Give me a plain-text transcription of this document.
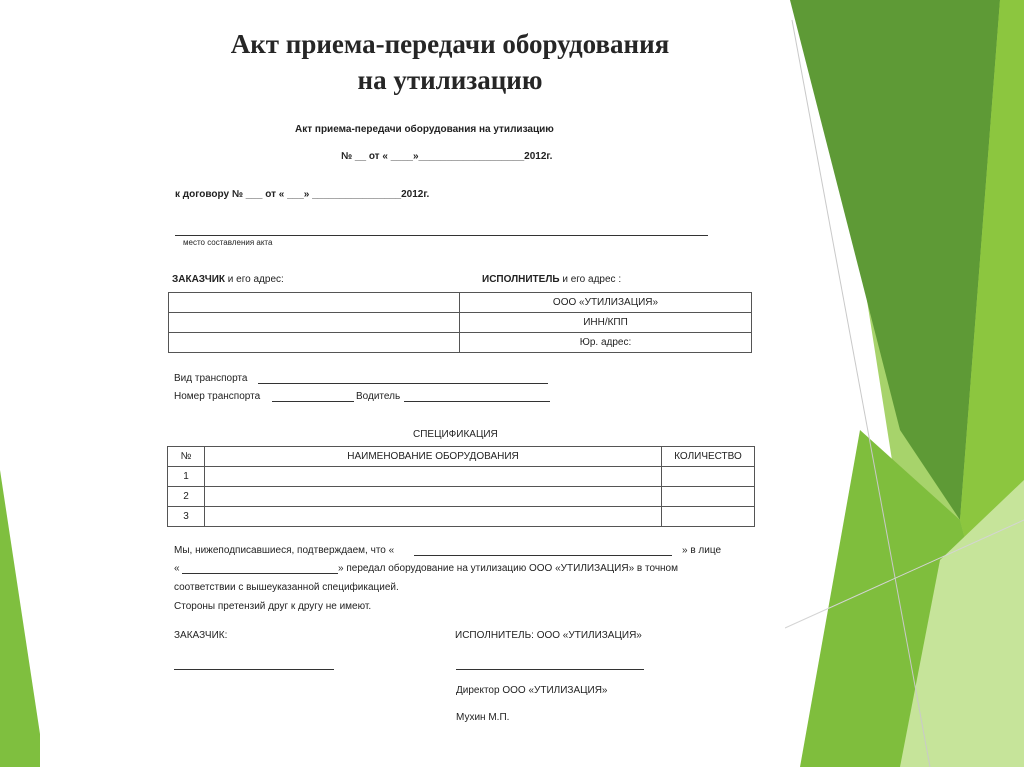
Акт приема-передачи оборудования
на утилизацию
Акт приема-передачи оборудования на утилизацию
№ __ от « ____»___________________2012г.
к договору № ___ от « ___» ________________2012г.
место составления акта
ЗАКАЗЧИК и его адрес:	ИСПОЛНИТЕЛЬ и его адрес :
	ООО «УТИЛИЗАЦИЯ»
	ИНН/КПП
	Юр. адрес:
Вид транспорта
Номер транспорта	Водитель
СПЕЦИФИКАЦИЯ
№	НАИМЕНОВАНИЕ ОБОРУДОВАНИЯ	КОЛИЧЕСТВО
1		
2		
3		
Мы, нижеподписавшиеся, подтверждаем, что «	» в лице
«	» передал оборудование на утилизацию ООО «УТИЛИЗАЦИЯ» в точном
соответствии с вышеуказанной спецификацией.
Стороны претензий друг к другу не имеют.
ЗАКАЗЧИК:	ИСПОЛНИТЕЛЬ: ООО «УТИЛИЗАЦИЯ»
Директор ООО «УТИЛИЗАЦИЯ»
Мухин М.П.
